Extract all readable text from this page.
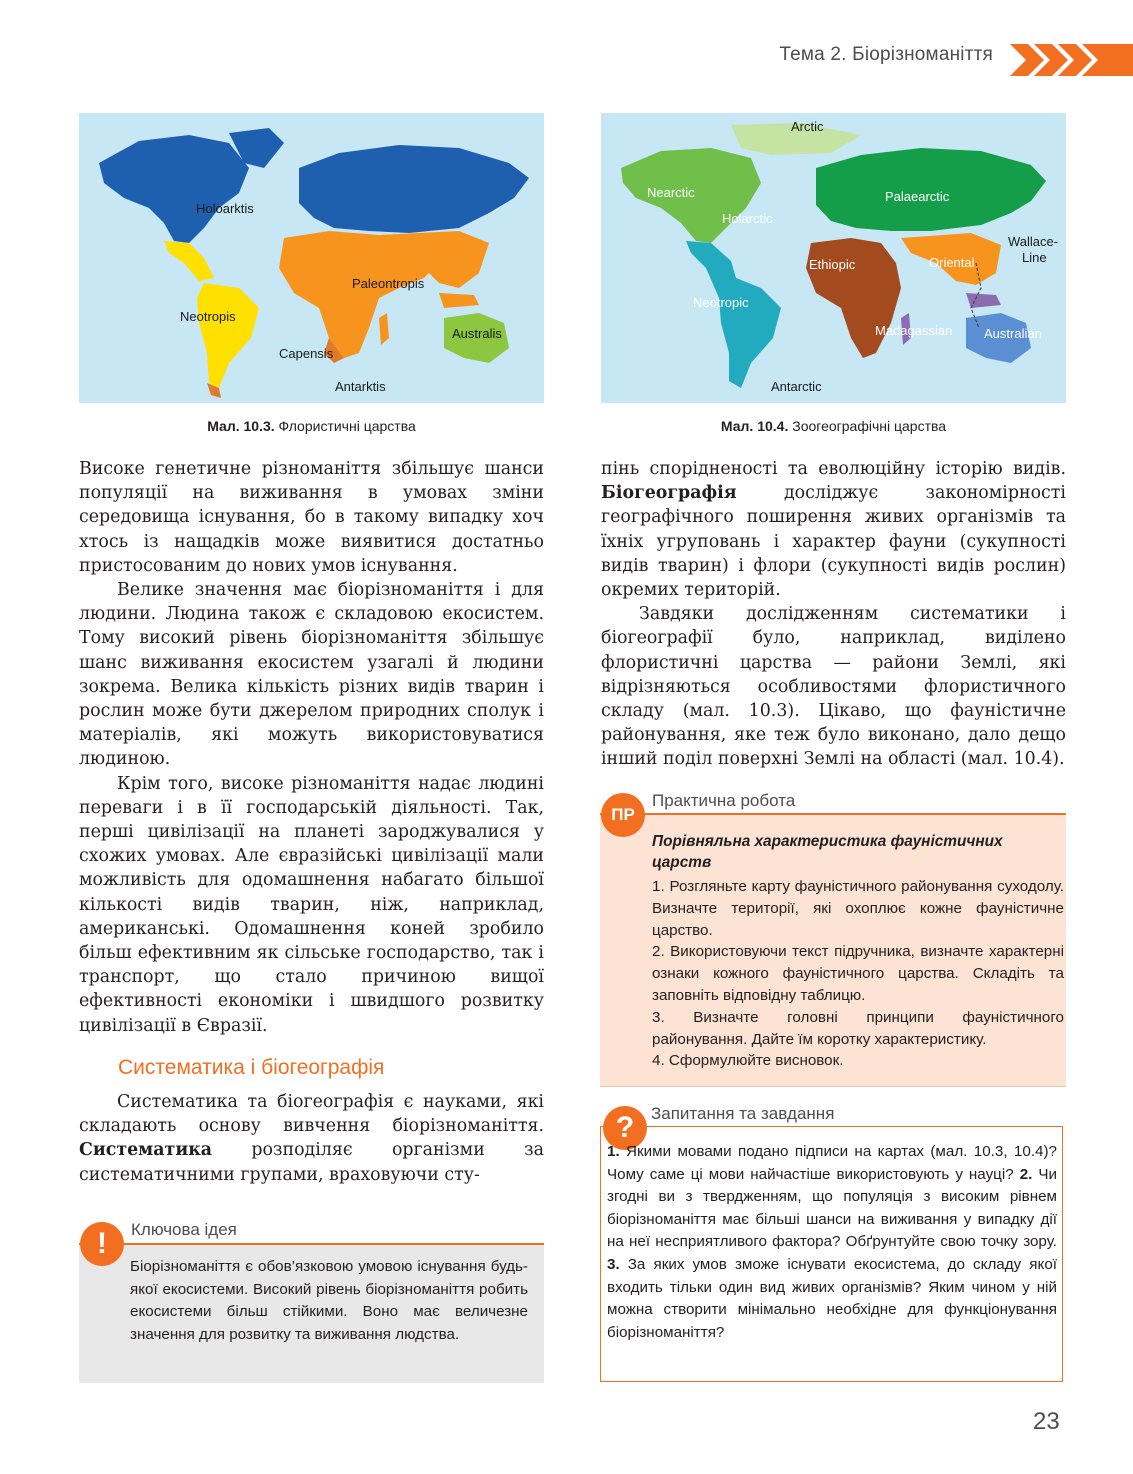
Тема 2. Біорізноманіття
Holoarktis
Paleontropis
Neotropis
Australis
Capensis
Antarktis
Мал. 10.3. Флористичні царства
Arctic
Nearctic
Holarctic
Palaearctic
Ethiopic	Oriental
Wallace-
Line
Neotropic
Madagassian Australian
Antarctic
Мал. 10.4. Зоогеографічні царства

Високе генетичне різноманіття збільшує шанси популяції на виживання в умовах зміни середовища існування, бо в такому випадку хоч хтось із нащадків може виявитися достатньо пристосованим до нових умов існування.

Велике значення має біорізноманіття і для людини. Людина також є складовою екосистем. Тому високий рівень біорізноманіття збільшує шанс виживання екосистем узагалі й людини зокрема. Велика кількість різних видів тварин і рослин може бути джерелом природних сполук і матеріалів, які можуть використовуватися людиною.

Крім того, високе різноманіття надає людині переваги і в її господарській діяльності. Так, перші цивілізації на планеті зароджувалися у схожих умовах. Але євразійські цивілізації мали можливість для одомашнення набагато більшої кількості видів тварин, ніж, наприклад, американські. Одомашнення коней зробило більш ефективним як сільське господарство, так і транспорт, що стало причиною вищої ефективності економіки і швидшого розвитку цивілізації в Євразії.

Систематика і біогеографія

Систематика та біогеографія є науками, які складають основу вивчення біорізноманіття. Систематика розподіляє організми за систематичними групами, враховуючи сту-

!	Ключова ідея
Біорізноманіття є обов’язковою умовою існування будь-якої екосистеми. Високий рівень біорізноманіття робить екосистеми більш стійкими. Воно має величезне значення для розвитку та виживання людства.

пінь спорідненості та еволюційну історію видів. Біогеографія досліджує закономірності географічного поширення живих організмів та їхніх угруповань і характер фауни (сукупності видів тварин) і флори (сукупності видів рослин) окремих територій.

Завдяки дослідженням систематики і біогеографії було, наприклад, виділено флористичні царства — райони Землі, які відрізняються особливостями флористичного складу (мал. 10.3). Цікаво, що фауністичне районування, яке теж було виконано, дало дещо інший поділ поверхні Землі на області (мал. 10.4).

ПР
Практична робота
Порівняльна характеристика фауністичних царств

1. Розгляньте карту фауністичного районування суходолу. Визначте території, які охоплює кожне фауністичне царство.

2. Використовуючи текст підручника, визначте характерні ознаки кожного фауністичного царства. Складіть та заповніть відповідну таблицю.

3. Визначте головні принципи фауністичного районування. Дайте їм коротку характеристику.

4. Сформулюйте висновок.

? Запитання та завдання
1. Якими мовами подано підписи на картах (мал. 10.3, 10.4)? Чому саме ці мови найчастіше використовують у науці? 2. Чи згодні ви з твердженням, що популяція з високим рівнем біорізноманіття має більші шанси на виживання у випадку дії на неї несприятливого фактора? Обґрунтуйте свою точку зору. 3. За яких умов зможе існувати екосистема, до складу якої входить тільки один вид живих організмів? Яким чином у ній можна створити мінімально необхідне для функціонування біорізноманіття?
23
